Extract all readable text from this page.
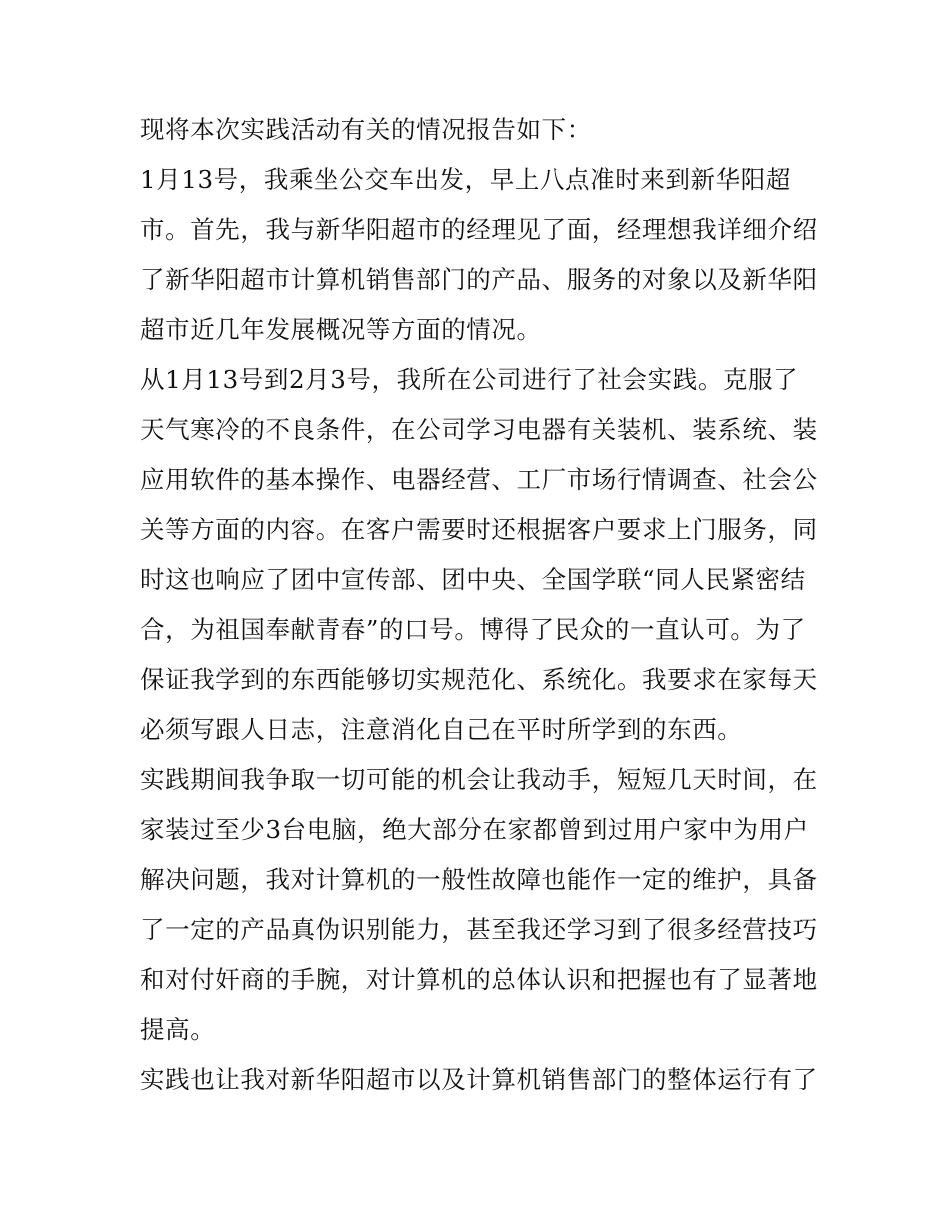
现将本次实践活动有关的情况报告如下：
1月13号，我乘坐公交车出发，早上八点准时来到新华阳超
市。首先，我与新华阳超市的经理见了面，经理想我详细介绍
了新华阳超市计算机销售部门的产品、服务的对象以及新华阳
超市近几年发展概况等方面的情况。
从1月13号到2月3号，我所在公司进行了社会实践。克服了
天气寒冷的不良条件，在公司学习电器有关装机、装系统、装
应用软件的基本操作、电器经营、工厂市场行情调查、社会公
关等方面的内容。在客户需要时还根据客户要求上门服务，同
时这也响应了团中宣传部、团中央、全国学联“同人民紧密结
合，为祖国奉献青春”的口号。博得了民众的一直认可。为了
保证我学到的东西能够切实规范化、系统化。我要求在家每天
必须写跟人日志，注意消化自己在平时所学到的东西。
实践期间我争取一切可能的机会让我动手，短短几天时间，在
家装过至少3台电脑，绝大部分在家都曾到过用户家中为用户
解决问题，我对计算机的一般性故障也能作一定的维护，具备
了一定的产品真伪识别能力，甚至我还学习到了很多经营技巧
和对付奸商的手腕，对计算机的总体认识和把握也有了显著地
提高。
实践也让我对新华阳超市以及计算机销售部门的整体运行有了
